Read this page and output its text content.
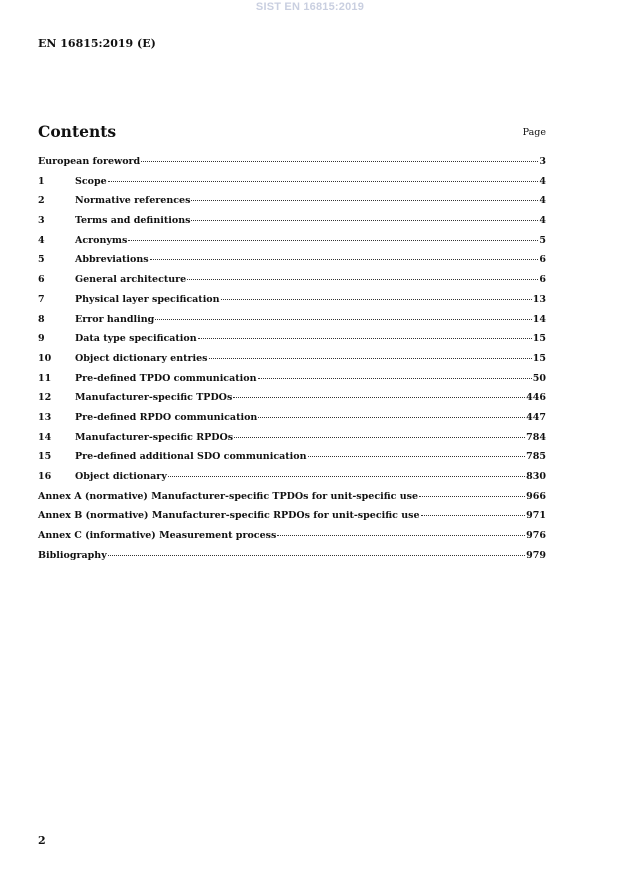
SIST EN 16815:2019
EN 16815:2019 (E)
Contents	Page
European foreword	3
1	Scope	4
2	Normative references	4
3	Terms and definitions	4
4	Acronyms	5
5	Abbreviations	6
6	General architecture	6
7	Physical layer specification	13
8	Error handling	14
9	Data type specification	15
10	Object dictionary entries	15
11	Pre-defined TPDO communication	50
12	Manufacturer-specific TPDOs	446
13	Pre-defined RPDO communication	447
14	Manufacturer-specific RPDOs	784
15	Pre-defined additional SDO communication	785
16	Object dictionary	830
Annex A (normative) Manufacturer-specific TPDOs for unit-specific use	966
Annex B (normative) Manufacturer-specific RPDOs for unit-specific use	971
Annex C (informative) Measurement process	976
Bibliography	979
2
